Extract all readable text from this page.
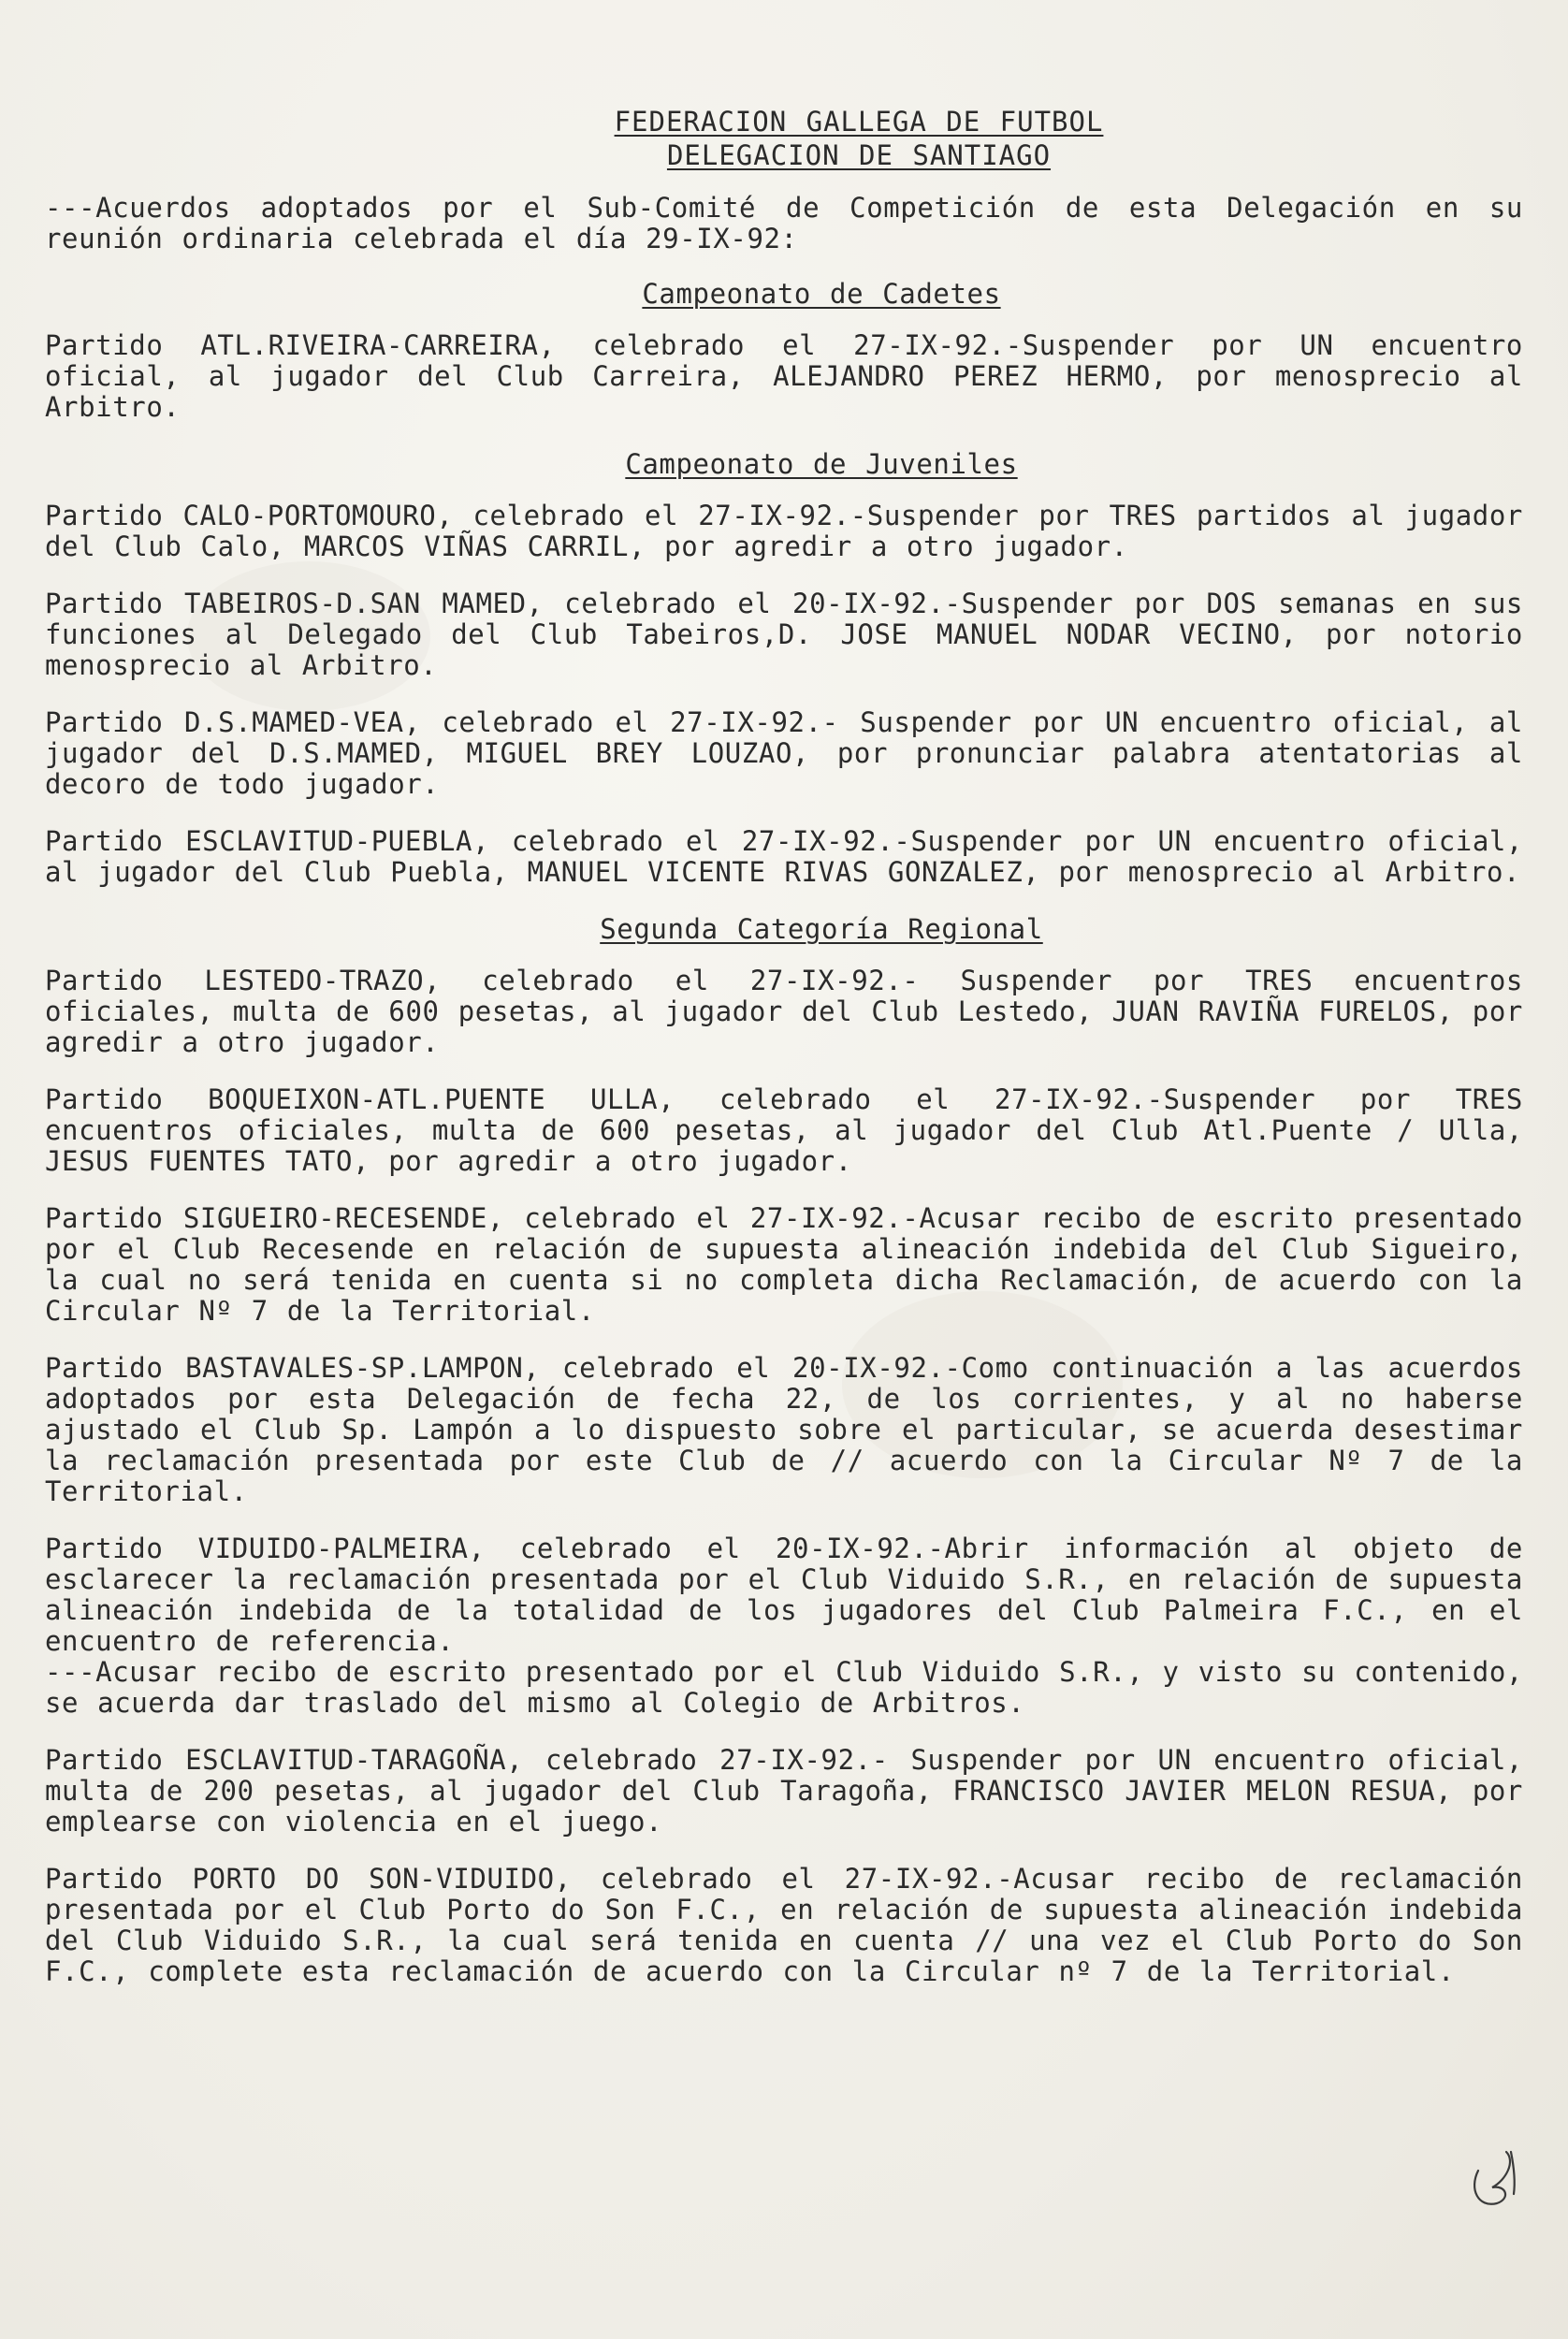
FEDERACION GALLEGA DE FUTBOL
DELEGACION DE SANTIAGO

---Acuerdos adoptados por el Sub-Comité de Competición de esta Delegación en su reunión ordinaria celebrada el día 29-IX-92:

Campeonato de Cadetes

Partido ATL.RIVEIRA-CARREIRA, celebrado el 27-IX-92.-Suspender por UN encuentro oficial, al jugador del Club Carreira, ALEJANDRO PEREZ HERMO, por menosprecio al Arbitro.

Campeonato de Juveniles

Partido CALO-PORTOMOURO, celebrado el 27-IX-92.-Suspender por TRES partidos al jugador del Club Calo, MARCOS VIÑAS CARRIL, por agredir a otro jugador.

Partido TABEIROS-D.SAN MAMED, celebrado el 20-IX-92.-Suspender por DOS semanas en sus funciones al Delegado del Club Tabeiros,D. JOSE MANUEL NODAR VECINO, por notorio menosprecio al Arbitro.

Partido D.S.MAMED-VEA, celebrado el 27-IX-92.- Suspender por UN encuentro oficial, al jugador del D.S.MAMED, MIGUEL BREY LOUZAO, por pronunciar palabra atentatorias al decoro de todo jugador.

Partido ESCLAVITUD-PUEBLA, celebrado el 27-IX-92.-Suspender por UN encuentro oficial, al jugador del Club Puebla, MANUEL VICENTE RIVAS GONZALEZ, por menosprecio al Arbitro.

Segunda Categoría Regional

Partido LESTEDO-TRAZO, celebrado el 27-IX-92.- Suspender por TRES encuentros oficiales, multa de 600 pesetas, al jugador del Club Lestedo, JUAN RAVIÑA FURELOS, por agredir a otro jugador.

Partido BOQUEIXON-ATL.PUENTE ULLA, celebrado el 27-IX-92.-Suspender por TRES encuentros oficiales, multa de 600 pesetas, al jugador del Club Atl.Puente / Ulla, JESUS FUENTES TATO, por agredir a otro jugador.

Partido SIGUEIRO-RECESENDE, celebrado el 27-IX-92.-Acusar recibo de escrito presentado por el Club Recesende en relación de supuesta alineación indebida del Club Sigueiro, la cual no será tenida en cuenta si no completa dicha Reclamación, de acuerdo con la Circular Nº 7 de la Territorial.

Partido BASTAVALES-SP.LAMPON, celebrado el 20-IX-92.-Como continuación a las acuerdos adoptados por esta Delegación de fecha 22, de los corrientes, y al no haberse ajustado el Club Sp. Lampón a lo dispuesto sobre el particular, se acuerda desestimar la reclamación presentada por este Club de // acuerdo con la Circular Nº 7 de la Territorial.

Partido VIDUIDO-PALMEIRA, celebrado el 20-IX-92.-Abrir información al objeto de esclarecer la reclamación presentada por el Club Viduido S.R., en relación de supuesta alineación indebida de la totalidad de los jugadores del Club Palmeira F.C., en el encuentro de referencia.
---Acusar recibo de escrito presentado por el Club Viduido S.R., y visto su contenido, se acuerda dar traslado del mismo al Colegio de Arbitros.

Partido ESCLAVITUD-TARAGOÑA, celebrado 27-IX-92.- Suspender por UN encuentro oficial, multa de 200 pesetas, al jugador del Club Taragoña, FRANCISCO JAVIER MELON RESUA, por emplearse con violencia en el juego.

Partido PORTO DO SON-VIDUIDO, celebrado el 27-IX-92.-Acusar recibo de reclamación presentada por el Club Porto do Son F.C., en relación de supuesta alineación indebida del Club Viduido S.R., la cual será tenida en cuenta // una vez el Club Porto do Son F.C., complete esta reclamación de acuerdo con la Circular nº 7 de la Territorial.
